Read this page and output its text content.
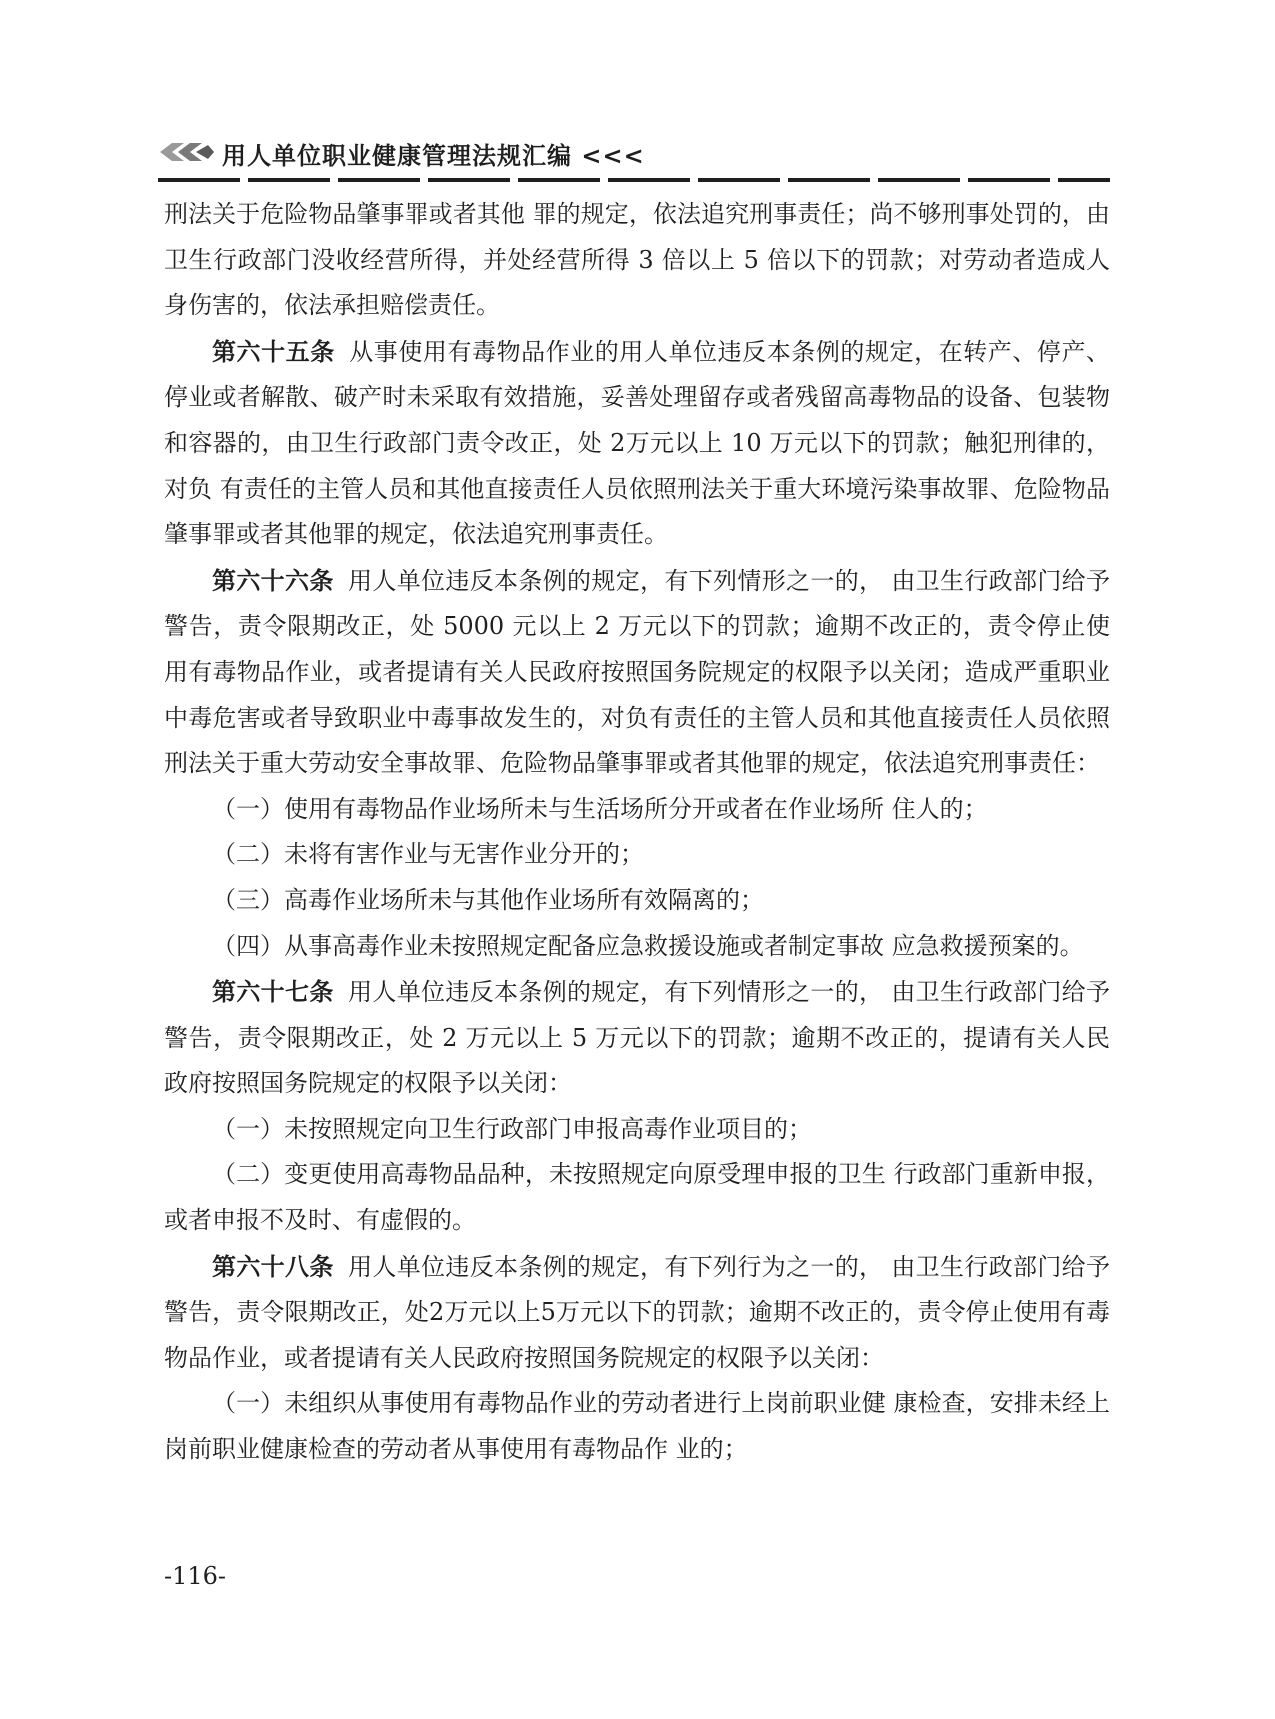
用人单位职业健康管理法规汇编 <<<

刑法关于危险物品肇事罪或者其他 罪的规定，依法追究刑事责任；尚不够刑事处罚的，由卫生行政部门没收经营所得，并处经营所得 3 倍以上 5 倍以下的罚款；对劳动者造成人身伤害的，依法承担赔偿责任。

第六十五条 从事使用有毒物品作业的用人单位违反本条例的规定，在转产、停产、停业或者解散、破产时未采取有效措施，妥善处理留存或者残留高毒物品的设备、包装物和容器的，由卫生行政部门责令改正，处 2万元以上 10 万元以下的罚款；触犯刑律的，对负 有责任的主管人员和其他直接责任人员依照刑法关于重大环境污染事故罪、危险物品肇事罪或者其他罪的规定，依法追究刑事责任。

第六十六条 用人单位违反本条例的规定，有下列情形之一的， 由卫生行政部门给予警告，责令限期改正，处 5000 元以上 2 万元以下的罚款；逾期不改正的，责令停止使用有毒物品作业，或者提请有关人民政府按照国务院规定的权限予以关闭；造成严重职业中毒危害或者导致职业中毒事故发生的，对负有责任的主管人员和其他直接责任人员依照刑法关于重大劳动安全事故罪、危险物品肇事罪或者其他罪的规定，依法追究刑事责任：

（一）使用有毒物品作业场所未与生活场所分开或者在作业场所 住人的；

（二）未将有害作业与无害作业分开的；

（三）高毒作业场所未与其他作业场所有效隔离的；

（四）从事高毒作业未按照规定配备应急救援设施或者制定事故 应急救援预案的。

第六十七条 用人单位违反本条例的规定，有下列情形之一的， 由卫生行政部门给予警告，责令限期改正，处 2 万元以上 5 万元以下的罚款；逾期不改正的，提请有关人民政府按照国务院规定的权限予以关闭：

（一）未按照规定向卫生行政部门申报高毒作业项目的；

（二）变更使用高毒物品品种，未按照规定向原受理申报的卫生 行政部门重新申报，或者申报不及时、有虚假的。

第六十八条 用人单位违反本条例的规定，有下列行为之一的， 由卫生行政部门给予警告，责令限期改正，处2万元以上5万元以下的罚款；逾期不改正的，责令停止使用有毒物品作业，或者提请有关人民政府按照国务院规定的权限予以关闭：

（一）未组织从事使用有毒物品作业的劳动者进行上岗前职业健 康检查，安排未经上岗前职业健康检查的劳动者从事使用有毒物品作 业的；

-116-
